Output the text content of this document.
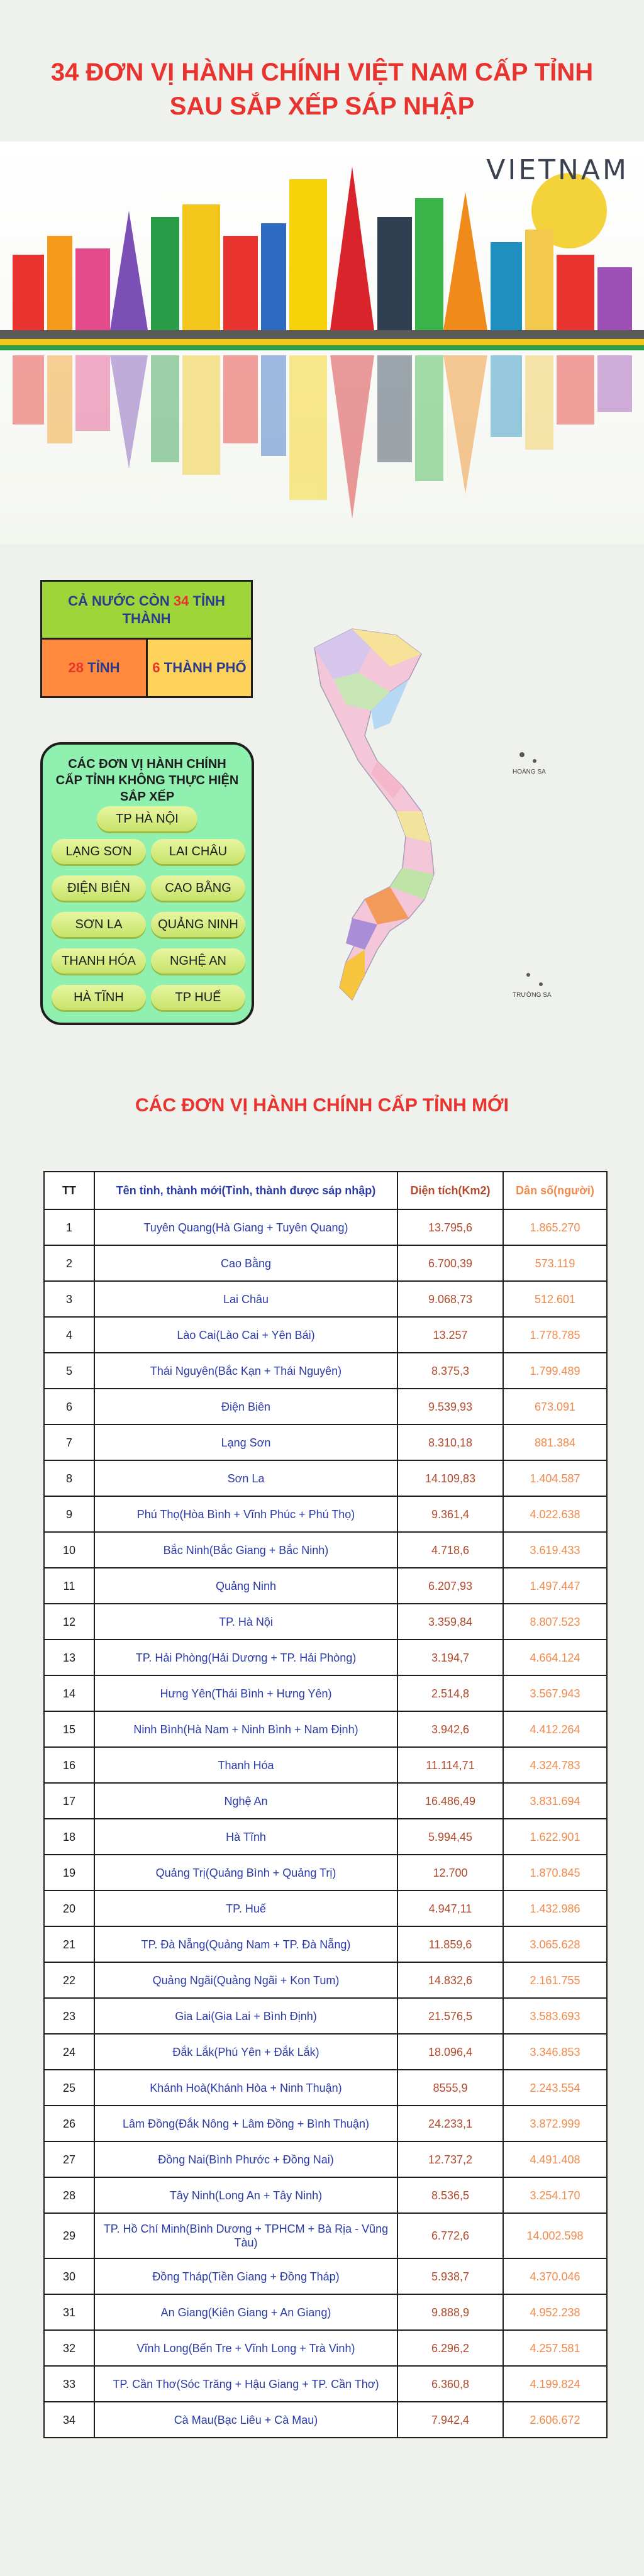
34 ĐƠN VỊ HÀNH CHÍNH VIỆT NAM CẤP TỈNH
SAU SẮP XẾP SÁP NHẬP
VIETNAM
CẢ NƯỚC CÒN 34 TỈNH THÀNH
28 TỈNH 6 THÀNH PHỐ
CÁC ĐƠN VỊ HÀNH CHÍNH CẤP TỈNH KHÔNG THỰC HIỆN SẮP XẾP
TP HÀ NỘI
LẠNG SƠN	LAI CHÂU
ĐIỆN BIÊN	CAO BẰNG
SƠN LA	QUẢNG NINH
THANH HÓA	NGHỆ AN
HÀ TĨNH	TP HUẾ
HOÀNG SA
TRƯỜNG SA
CÁC ĐƠN VỊ HÀNH CHÍNH CẤP TỈNH MỚI
TT	Tên tỉnh, thành mới(Tỉnh, thành được sáp nhập)	Diện tích(Km2)	Dân số(người)
1	Tuyên Quang(Hà Giang + Tuyên Quang)	13.795,6	1.865.270
2	Cao Bằng	6.700,39	573.119
3	Lai Châu	9.068,73	512.601
4	Lào Cai(Lào Cai + Yên Bái)	13.257	1.778.785
5	Thái Nguyên(Bắc Kạn + Thái Nguyên)	8.375,3	1.799.489
6	Điện Biên	9.539,93	673.091
7	Lạng Sơn	8.310,18	881.384
8	Sơn La	14.109,83	1.404.587
9	Phú Thọ(Hòa Bình + Vĩnh Phúc + Phú Thọ)	9.361,4	4.022.638
10	Bắc Ninh(Bắc Giang + Bắc Ninh)	4.718,6	3.619.433
11	Quảng Ninh	6.207,93	1.497.447
12	TP. Hà Nội	3.359,84	8.807.523
13	TP. Hải Phòng(Hải Dương + TP. Hải Phòng)	3.194,7	4.664.124
14	Hưng Yên(Thái Bình + Hưng Yên)	2.514,8	3.567.943
15	Ninh Bình(Hà Nam + Ninh Bình + Nam Định)	3.942,6	4.412.264
16	Thanh Hóa	11.114,71	4.324.783
17	Nghệ An	16.486,49	3.831.694
18	Hà Tĩnh	5.994,45	1.622.901
19	Quảng Trị(Quảng Bình + Quảng Trị)	12.700	1.870.845
20	TP. Huế	4.947,11	1.432.986
21	TP. Đà Nẵng(Quảng Nam + TP. Đà Nẵng)	11.859,6	3.065.628
22	Quảng Ngãi(Quảng Ngãi + Kon Tum)	14.832,6	2.161.755
23	Gia Lai(Gia Lai + Bình Định)	21.576,5	3.583.693
24	Đắk Lắk(Phú Yên + Đắk Lắk)	18.096,4	3.346.853
25	Khánh Hoà(Khánh Hòa + Ninh Thuận)	8555,9	2.243.554
26	Lâm Đồng(Đắk Nông + Lâm Đồng + Bình Thuận)	24.233,1	3.872.999
27	Đồng Nai(Bình Phước + Đồng Nai)	12.737,2	4.491.408
28	Tây Ninh(Long An + Tây Ninh)	8.536,5	3.254.170
29	TP. Hồ Chí Minh(Bình Dương + TPHCM + Bà Rịa - Vũng Tàu)	6.772,6	14.002.598
30	Đồng Tháp(Tiền Giang + Đồng Tháp)	5.938,7	4.370.046
31	An Giang(Kiên Giang + An Giang)	9.888,9	4.952.238
32	Vĩnh Long(Bến Tre + Vĩnh Long + Trà Vinh)	6.296,2	4.257.581
33	TP. Cần Thơ(Sóc Trăng + Hậu Giang + TP. Cần Thơ)	6.360,8	4.199.824
34	Cà Mau(Bạc Liêu + Cà Mau)	7.942,4	2.606.672
